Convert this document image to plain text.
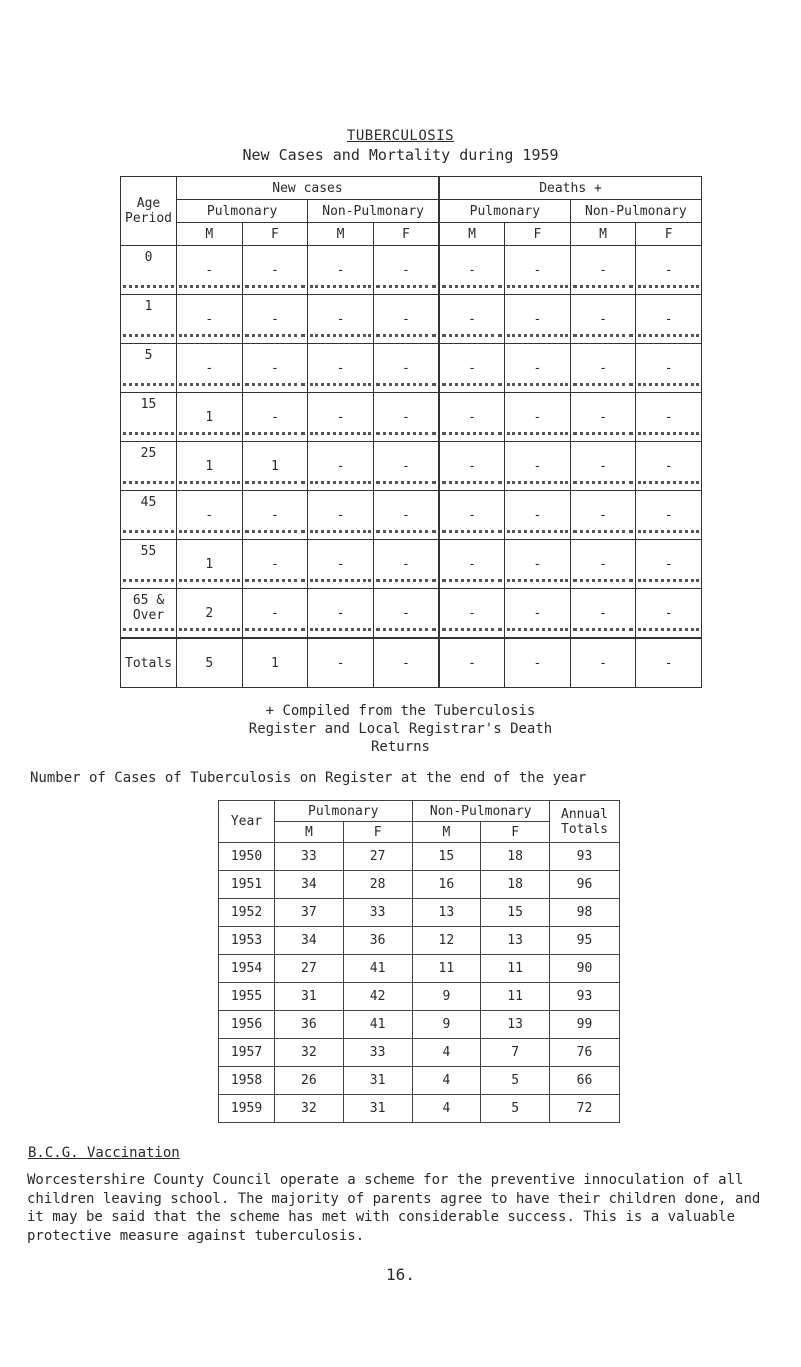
TUBERCULOSIS
New Cases and Mortality during 1959
Age Period	New cases				Deaths +			
	Pulmonary		Non-Pulmonary		Pulmonary		Non-Pulmonary	
	M	F	M	F	M	F	M	F
0	-	-	-	-	-	-	-	-
1	-	-	-	-	-	-	-	-
5	-	-	-	-	-	-	-	-
15	1	-	-	-	-	-	-	-
25	1	1	-	-	-	-	-	-
45	-	-	-	-	-	-	-	-
55	1	-	-	-	-	-	-	-
65 & Over	2	-	-	-	-	-	-	-
Totals	5	1	-	-	-	-	-	-
+ Compiled from the Tuberculosis Register and Local Registrar's Death Returns
Number of Cases of Tuberculosis on Register at the end of the year
Year	Pulmonary		Non-Pulmonary		Annual Totals
	M	F	M	F	
1950	33	27	15	18	93
1951	34	28	16	18	96
1952	37	33	13	15	98
1953	34	36	12	13	95
1954	27	41	11	11	90
1955	31	42	9	11	93
1956	36	41	9	13	99
1957	32	33	4	7	76
1958	26	31	4	5	66
1959	32	31	4	5	72
B.C.G. Vaccination
Worcestershire County Council operate a scheme for the preventive innoculation of all children leaving school. The majority of parents agree to have their children done, and it may be said that the scheme has met with considerable success. This is a valuable protective measure against tuberculosis.
16.
